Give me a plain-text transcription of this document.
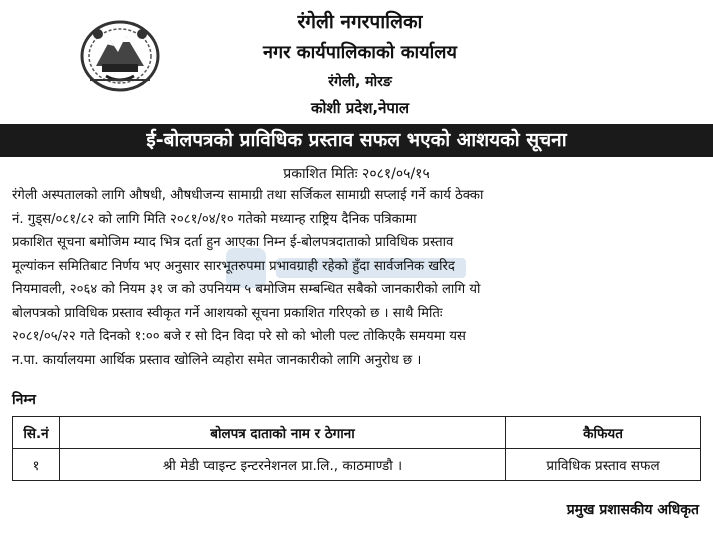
रंगेली नगरपालिका
नगर कार्यपालिकाको कार्यालय
रंगेली, मोरङ
कोशी प्रदेश,नेपाल
ई-बोलपत्रको प्राविधिक प्रस्ताव सफल भएको आशयको सूचना
प्रकाशित मितिः २०८१/०५/१५
रंगेली अस्पतालको लागि औषधी, औषधीजन्य सामाग्री तथा सर्जिकल सामाग्री सप्लाई गर्ने कार्य ठेक्का
नं. गुड्स/०८१/८२ को लागि मिति २०८१/०४/१० गतेको मध्यान्ह राष्ट्रिय दैनिक पत्रिकामा
प्रकाशित सूचना बमोजिम म्याद भित्र दर्ता हुन आएका निम्न ई-बोलपत्रदाताको प्राविधिक प्रस्ताव
मूल्यांकन समितिबाट निर्णय भए अनुसार सारभूतरुपमा प्रभावग्राही रहेको हुँदा सार्वजनिक खरिद
नियमावली, २०६४ को नियम ३१ ज को उपनियम ५ बमोजिम सम्बन्धित सबैको जानकारीको लागि यो
बोलपत्रको प्राविधिक प्रस्ताव स्वीकृत गर्ने आशयको सूचना प्रकाशित गरिएको छ । साथै मितिः
२०८१/०५/२२ गते दिनको १:०० बजे र सो दिन विदा परे सो को भोली पल्ट तोकिएकै समयमा यस
न.पा. कार्यालयमा आर्थिक प्रस्ताव खोलिने व्यहोरा समेत जानकारीको लागि अनुरोध छ ।
निम्न
सि.नं	बोलपत्र दाताको नाम र ठेगाना	कैफियत
१	श्री मेडी प्वाइन्ट इन्टरनेशनल प्रा.लि., काठमाण्डौ ।	प्राविधिक प्रस्ताव सफल
प्रमुख प्रशासकीय अधिकृत
